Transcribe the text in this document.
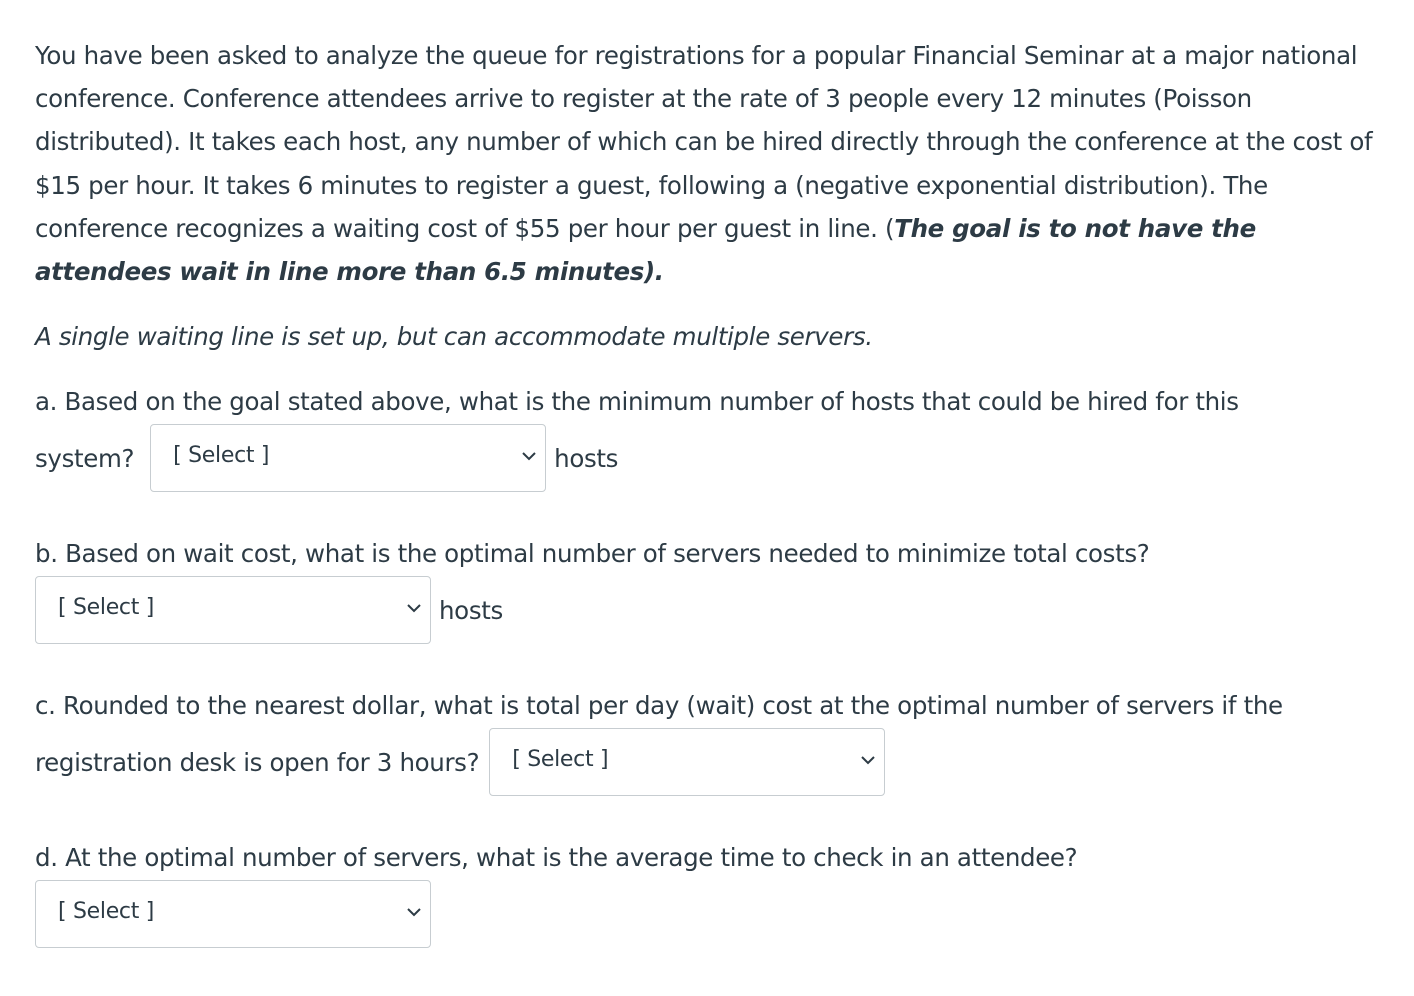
You have been asked to analyze the queue for registrations for a popular Financial Seminar at a major national conference. Conference attendees arrive to register at the rate of 3 people every 12 minutes (Poisson distributed). It takes each host, any number of which can be hired directly through the conference at the cost of $15 per hour. It takes 6 minutes to register a guest, following a (negative exponential distribution). The conference recognizes a waiting cost of $55 per hour per guest in line. (The goal is to not have the attendees wait in line more than 6.5 minutes).

A single waiting line is set up, but can accommodate multiple servers.

a. Based on the goal stated above, what is the minimum number of hosts that could be hired for this
system? [ Select ]	hosts
b. Based on wait cost, what is the optimal number of servers needed to minimize total costs?
[ Select ]	hosts
c. Rounded to the nearest dollar, what is total per day (wait) cost at the optimal number of servers if the
registration desk is open for 3 hours? [ Select ]
d. At the optimal number of servers, what is the average time to check in an attendee?
[ Select ]
